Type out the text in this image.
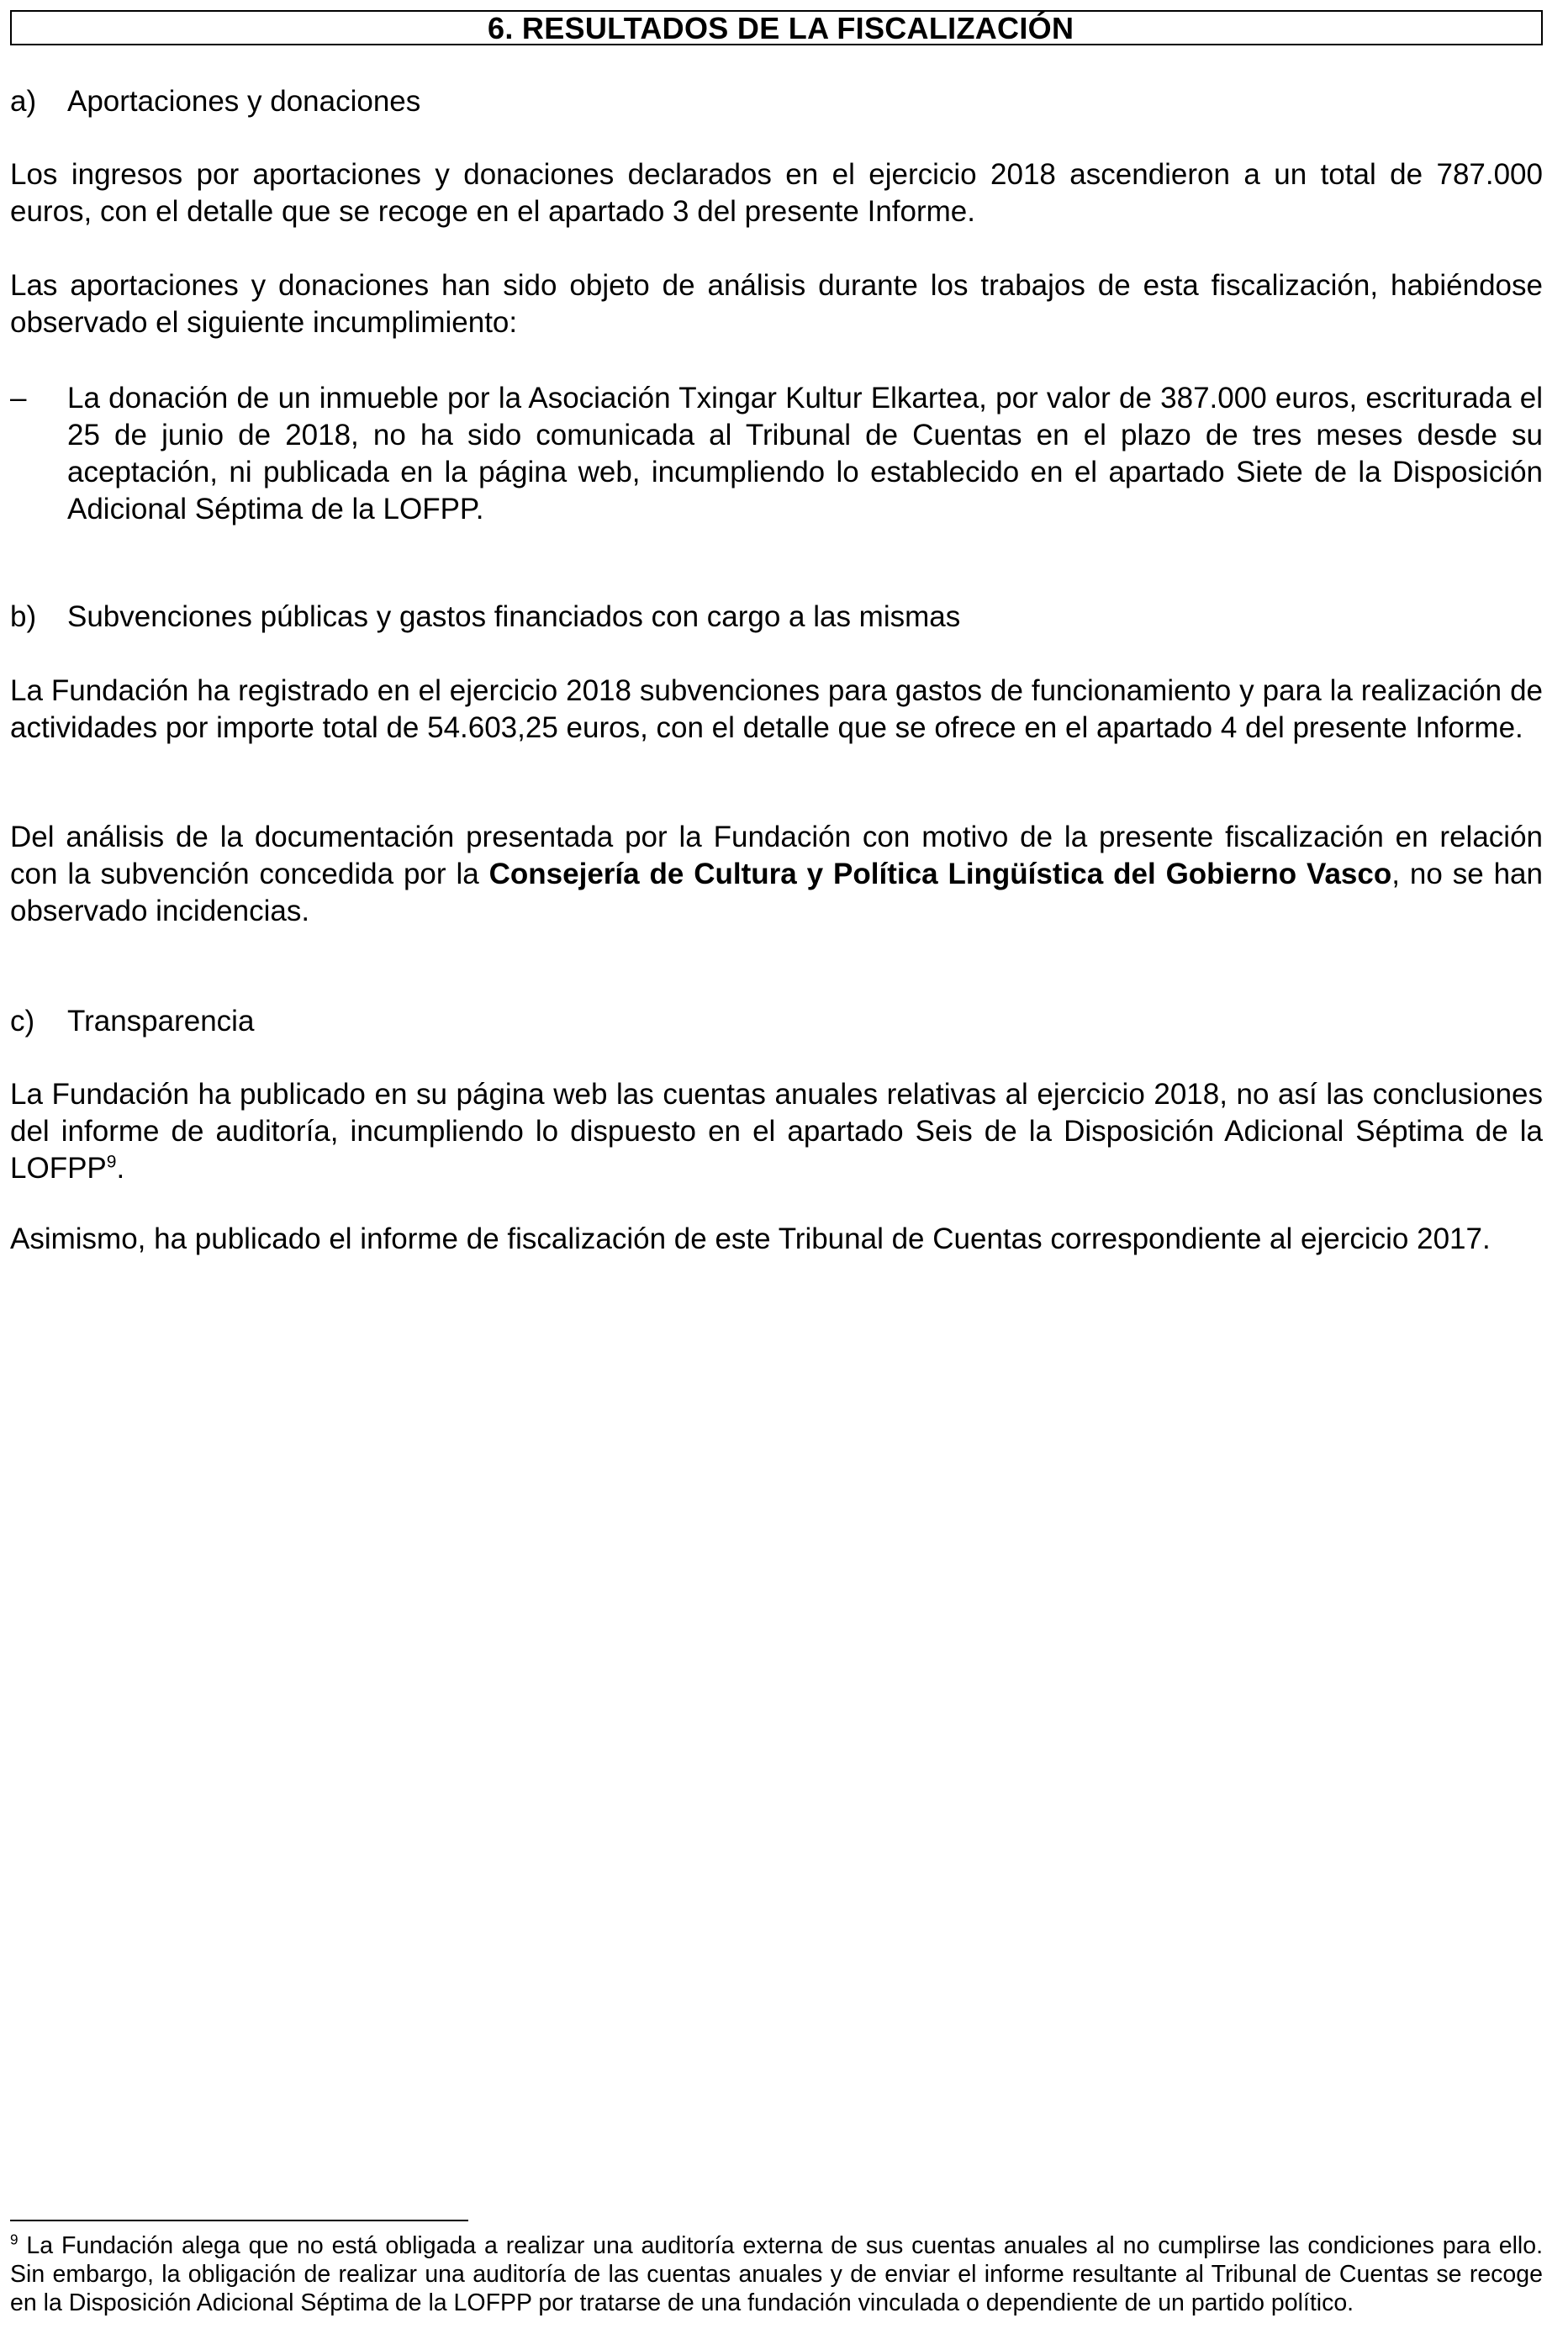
6. RESULTADOS DE LA FISCALIZACIÓN
a) Aportaciones y donaciones
Los ingresos por aportaciones y donaciones declarados en el ejercicio 2018 ascendieron a un total de 787.000 euros, con el detalle que se recoge en el apartado 3 del presente Informe.
Las aportaciones y donaciones han sido objeto de análisis durante los trabajos de esta fiscalización, habiéndose observado el siguiente incumplimiento:
–	La donación de un inmueble por la Asociación Txingar Kultur Elkartea, por valor de 387.000 euros, escriturada el 25 de junio de 2018, no ha sido comunicada al Tribunal de Cuentas en el plazo de tres meses desde su aceptación, ni publicada en la página web, incumpliendo lo establecido en el apartado Siete de la Disposición Adicional Séptima de la LOFPP.
b) Subvenciones públicas y gastos financiados con cargo a las mismas
La Fundación ha registrado en el ejercicio 2018 subvenciones para gastos de funcionamiento y para la realización de actividades por importe total de 54.603,25 euros, con el detalle que se ofrece en el apartado 4 del presente Informe.
Del análisis de la documentación presentada por la Fundación con motivo de la presente fiscalización en relación con la subvención concedida por la Consejería de Cultura y Política Lingüística del Gobierno Vasco, no se han observado incidencias.
c) Transparencia
La Fundación ha publicado en su página web las cuentas anuales relativas al ejercicio 2018, no así las conclusiones del informe de auditoría, incumpliendo lo dispuesto en el apartado Seis de la Disposición Adicional Séptima de la LOFPP$^9$.
Asimismo, ha publicado el informe de fiscalización de este Tribunal de Cuentas correspondiente al ejercicio 2017.
$^9$ La Fundación alega que no está obligada a realizar una auditoría externa de sus cuentas anuales al no cumplirse las condiciones para ello. Sin embargo, la obligación de realizar una auditoría de las cuentas anuales y de enviar el informe resultante al Tribunal de Cuentas se recoge en la Disposición Adicional Séptima de la LOFPP por tratarse de una fundación vinculada o dependiente de un partido político.
